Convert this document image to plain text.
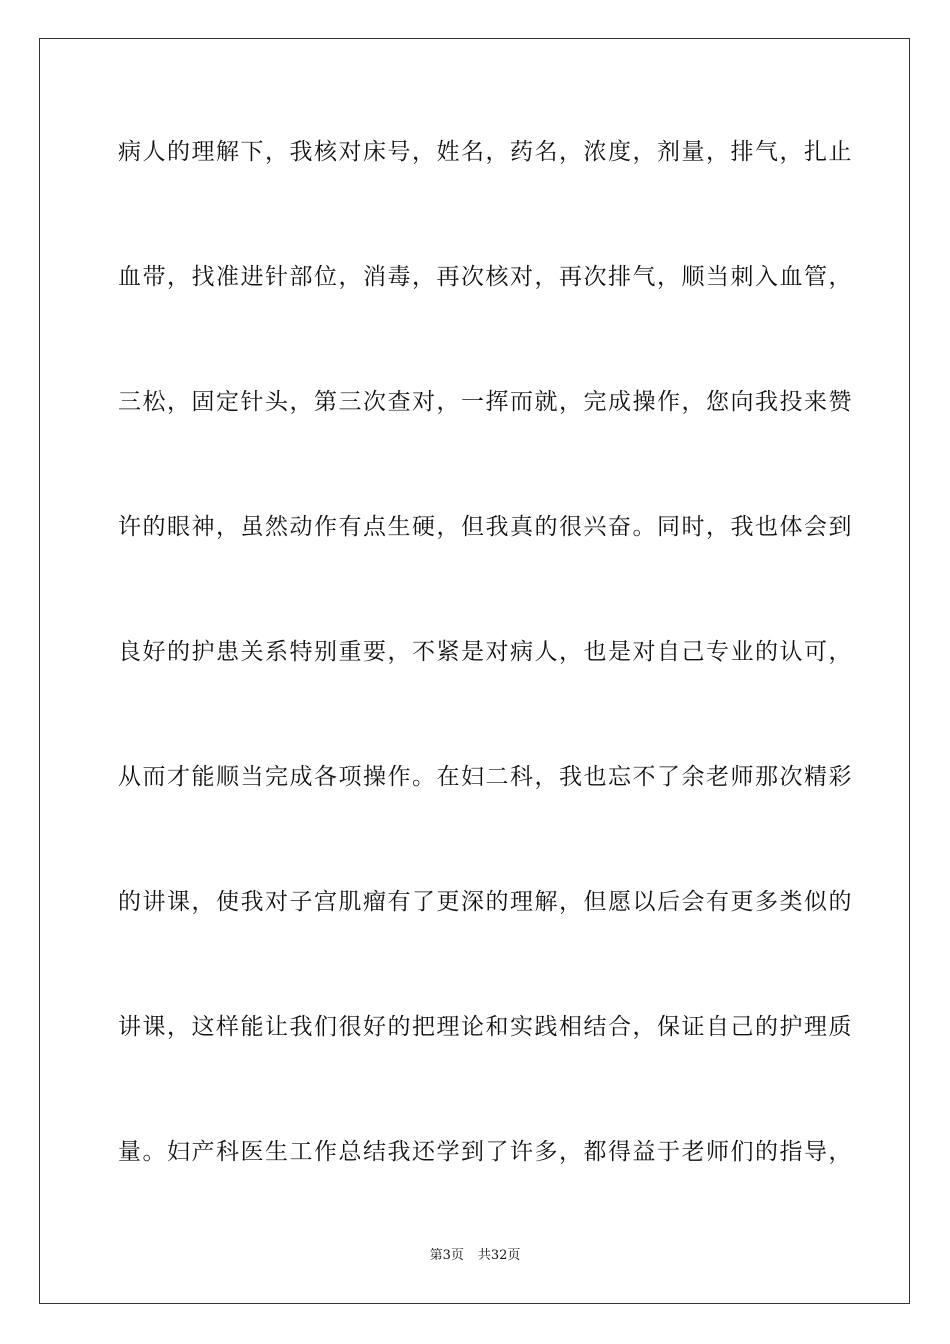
病人的理解下，我核对床号，姓名，药名，浓度，剂量，排气，扎止
血带，找准进针部位，消毒，再次核对，再次排气，顺当刺入血管，
三松，固定针头，第三次查对，一挥而就，完成操作，您向我投来赞
许的眼神，虽然动作有点生硬，但我真的很兴奋。同时，我也体会到
良好的护患关系特别重要，不紧是对病人，也是对自己专业的认可，
从而才能顺当完成各项操作。在妇二科，我也忘不了余老师那次精彩
的讲课，使我对子宫肌瘤有了更深的理解，但愿以后会有更多类似的
讲课，这样能让我们很好的把理论和实践相结合，保证自己的护理质
量。妇产科医生工作总结我还学到了许多，都得益于老师们的指导，
第3页 共32页
